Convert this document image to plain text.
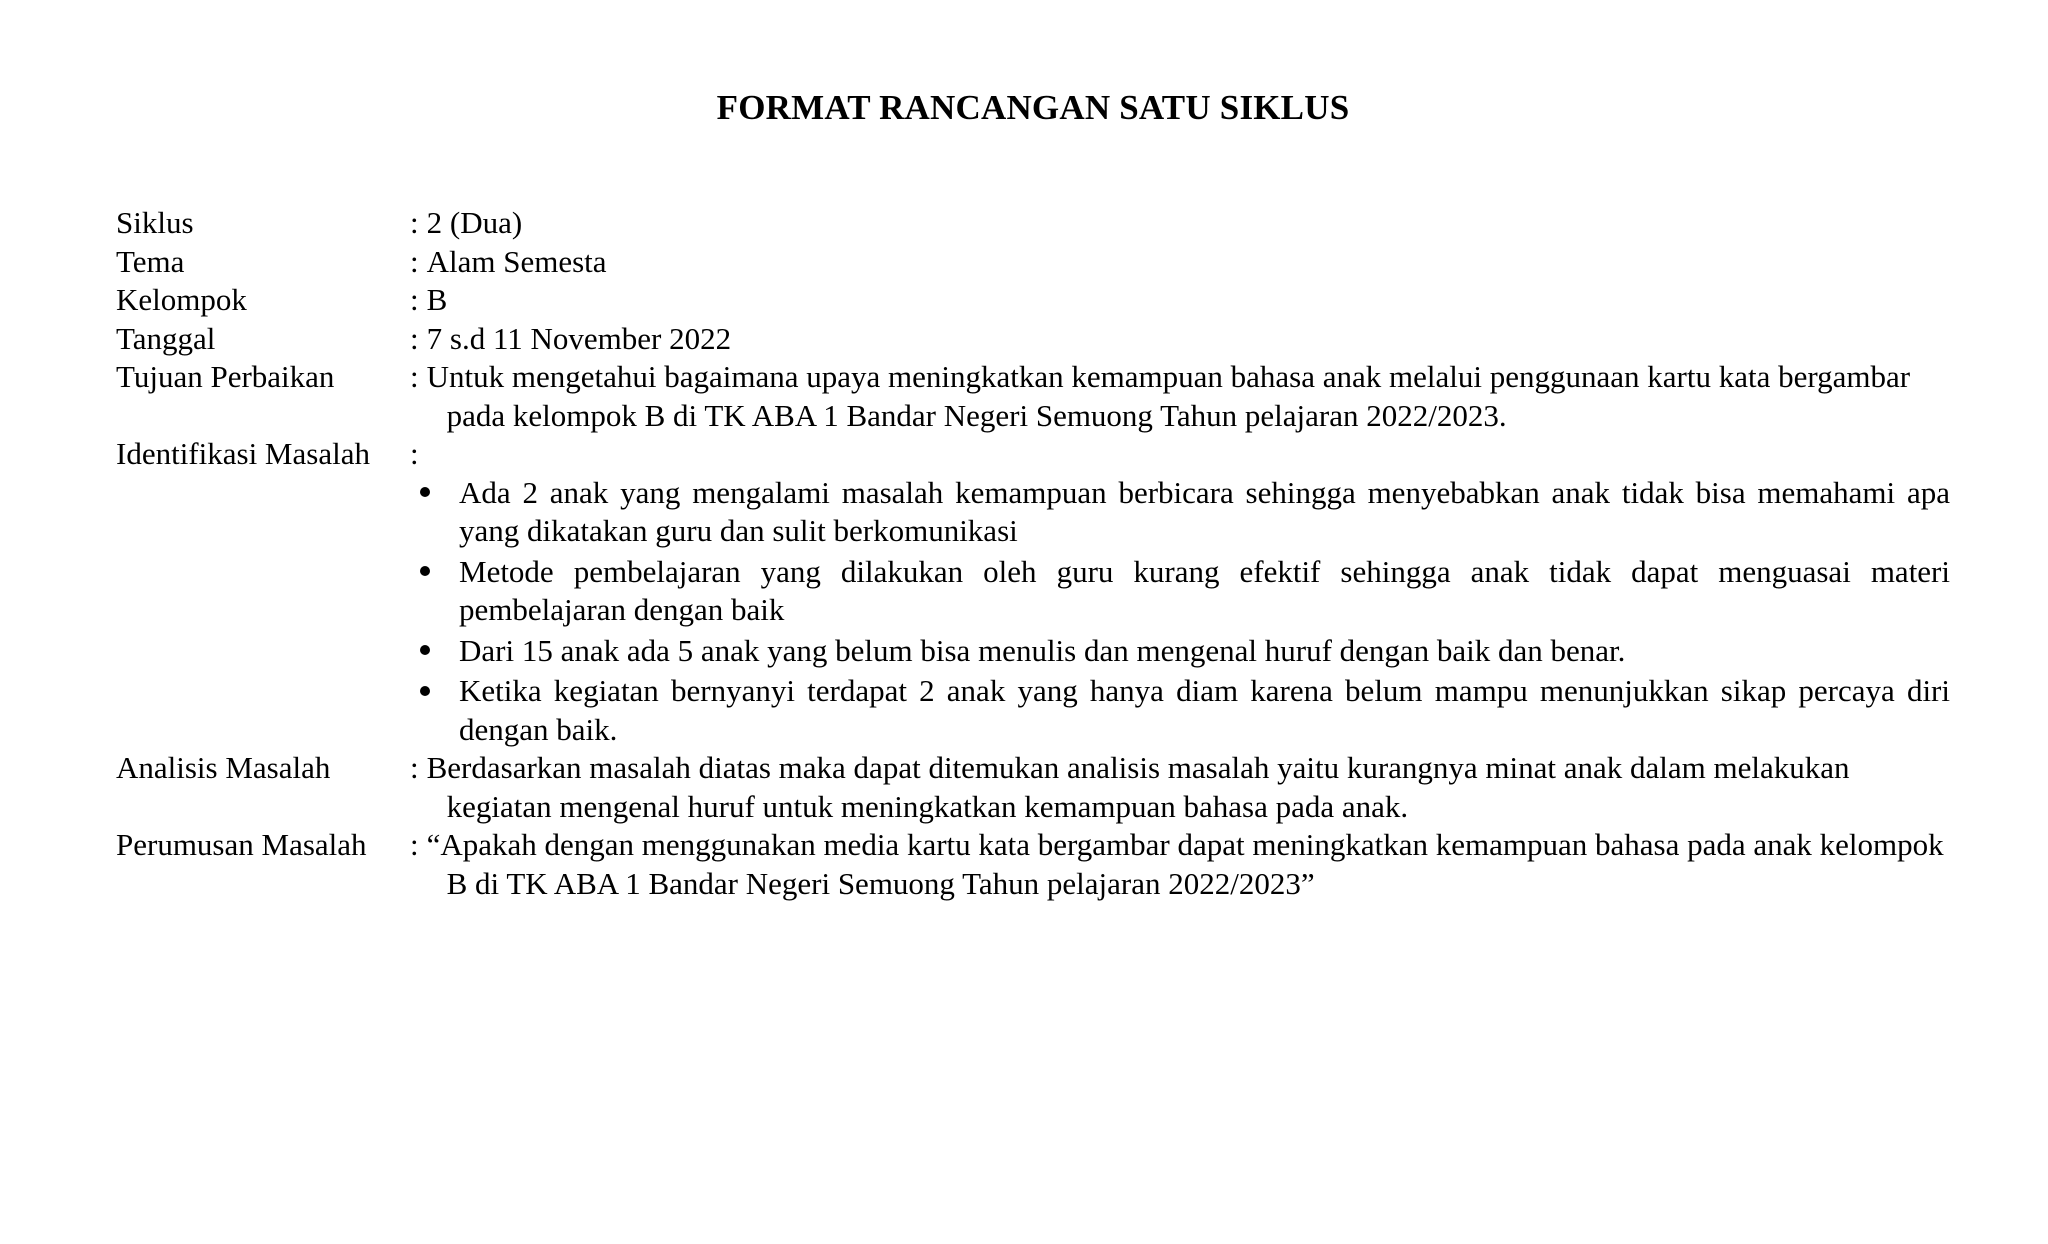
FORMAT RANCANGAN SATU SIKLUS
Siklus	: 2 (Dua)
Tema	: Alam Semesta
Kelompok	: B
Tanggal	: 7 s.d 11 November 2022
Tujuan Perbaikan	: Untuk mengetahui bagaimana upaya meningkatkan kemampuan bahasa anak melalui penggunaan kartu kata bergambar pada kelompok B di TK ABA 1 Bandar Negeri Semuong Tahun pelajaran 2022/2023.
Identifikasi Masalah	:
Ada 2 anak yang mengalami masalah kemampuan berbicara sehingga menyebabkan anak tidak bisa memahami apa yang dikatakan guru dan sulit berkomunikasi
Metode pembelajaran yang dilakukan oleh guru kurang efektif sehingga anak tidak dapat menguasai materi pembelajaran dengan baik
Dari 15 anak ada 5 anak yang belum bisa menulis dan mengenal huruf dengan baik dan benar.
Ketika kegiatan bernyanyi terdapat 2 anak yang hanya diam karena belum mampu menunjukkan sikap percaya diri dengan baik.
Analisis Masalah	: Berdasarkan masalah diatas maka dapat ditemukan analisis masalah yaitu kurangnya minat anak dalam melakukan kegiatan mengenal huruf untuk meningkatkan kemampuan bahasa pada anak.
Perumusan Masalah	: “Apakah dengan menggunakan media kartu kata bergambar dapat meningkatkan kemampuan bahasa pada anak kelompok B di TK ABA 1 Bandar Negeri Semuong Tahun pelajaran 2022/2023”
